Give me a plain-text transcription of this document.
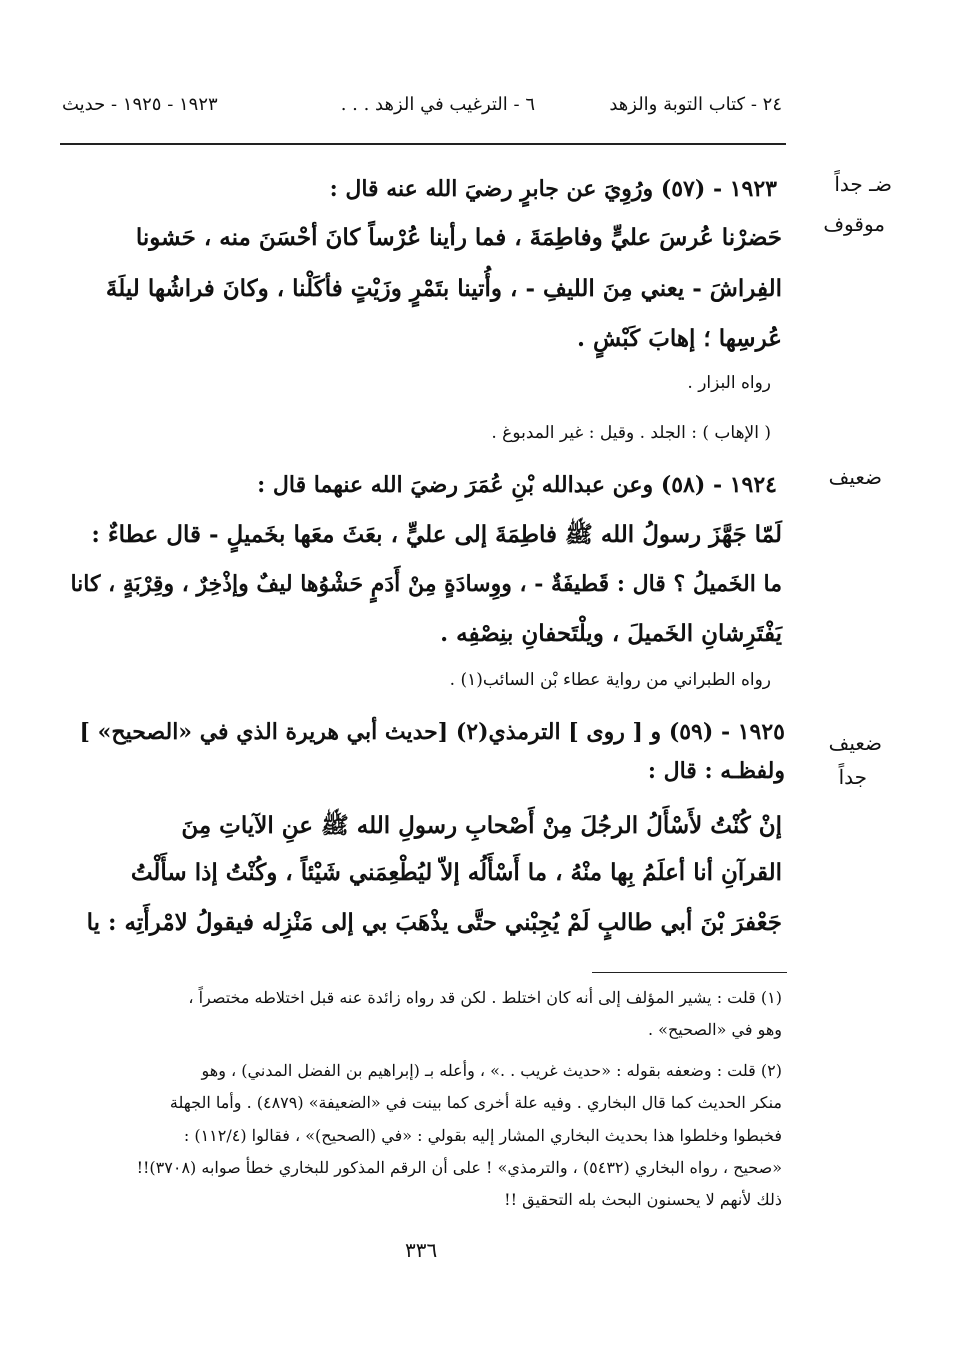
٢٤ - كتاب التوبة والزهد
٦ - الترغيب في الزهد . . .
١٩٢٣ - ١٩٢٥ - حديث
ضـ جداً
موقوف
١٩٢٣ - (٥٧) ورُوِيَ عن جابرٍ رضيَ الله عنه قال :
حَضرْنا عُرسَ عليٍّ وفاطِمَةَ ، فما رأينا عُرْساً كانَ أحْسَنَ منه ، حَشونا
الفِراشَ - يعني مِنَ الليفِ - ، وأُتينا بتَمْرٍ وزَيْتٍ فأكَلْنا ، وكانَ فراشُها ليلَةَ
عُرسِها ؛ إهابَ كَبْشٍ .
رواه البزار .
( الإهاب ) : الجلد . وقيل : غير المدبوغ .
ضعيف
١٩٢٤ - (٥٨) وعن عبدالله بْنِ عُمَرَ رضيَ الله عنهما قال :
لَمّا جَهَّزَ رسولُ الله ﷺ فاطِمَةَ إلى عليٍّ ، بعَثَ معَها بخَميلٍ - قال عطاءٌ :
ما الخَميلُ ؟ قال : قَطيفَةٌ - ، ووِسادَةٍ مِنْ أَدَمٍ حَشْوُها ليفٌ وإذْخِرٌ ، وقِرْبَةٍ ، كانا
يَفْتَرِشانِ الخَميلَ ، ويلْتَحفانِ بنِصْفِه .
رواه الطبراني من رواية عطاء بْن السائب(١) .
ضعيف
جداً
١٩٢٥ - (٥٩) و [ روى ] الترمذي(٢) [حديث أبي هريرة الذي في «الصحيح» ]
ولفظـه : قال :
إنْ كُنْتُ لأَسْأَلُ الرجُلَ مِنْ أَصْحابِ رسولِ الله ﷺ عنِ الآياتِ مِنَ
القرآنِ أنا أعلَمُ بِها منْهُ ، ما أَسْأَلُه إلاّ ليُطْعِمَني شَيْئاً ، وكُنْتُ إذا سأَلْتُ
جَعْفرَ بْنَ أبي طالبٍ لَمْ يُجِبْني حتَّى يذْهَبَ بي إلى مَنْزِله فيقولُ لامْرأَتِه : يا
(١) قلت : يشير المؤلف إلى أنه كان اختلط . لكن قد رواه زائدة عنه قبل اختلاطه مختصراً ،
وهو في «الصحيح» .
(٢) قلت : وضعفه بقوله : «حديث غريب . .» ، وأعله بـ (إبراهيم بن الفضل المدني) ، وهو
منكر الحديث كما قال البخاري . وفيه علة أخرى كما بينت في «الضعيفة» (٤٨٧٩) . وأما الجهلة
فخبطوا وخلطوا هذا بحديث البخاري المشار إليه بقولي : «في (الصحيح)» ، فقالوا (١١٢/٤) :
«صحيح ، رواه البخاري (٥٤٣٢) ، والترمذي» ! على أن الرقم المذكور للبخاري خطأ صوابه (٣٧٠٨)!!
ذلك لأنهم لا يحسنون البحث بله التحقيق !!
٣٣٦
